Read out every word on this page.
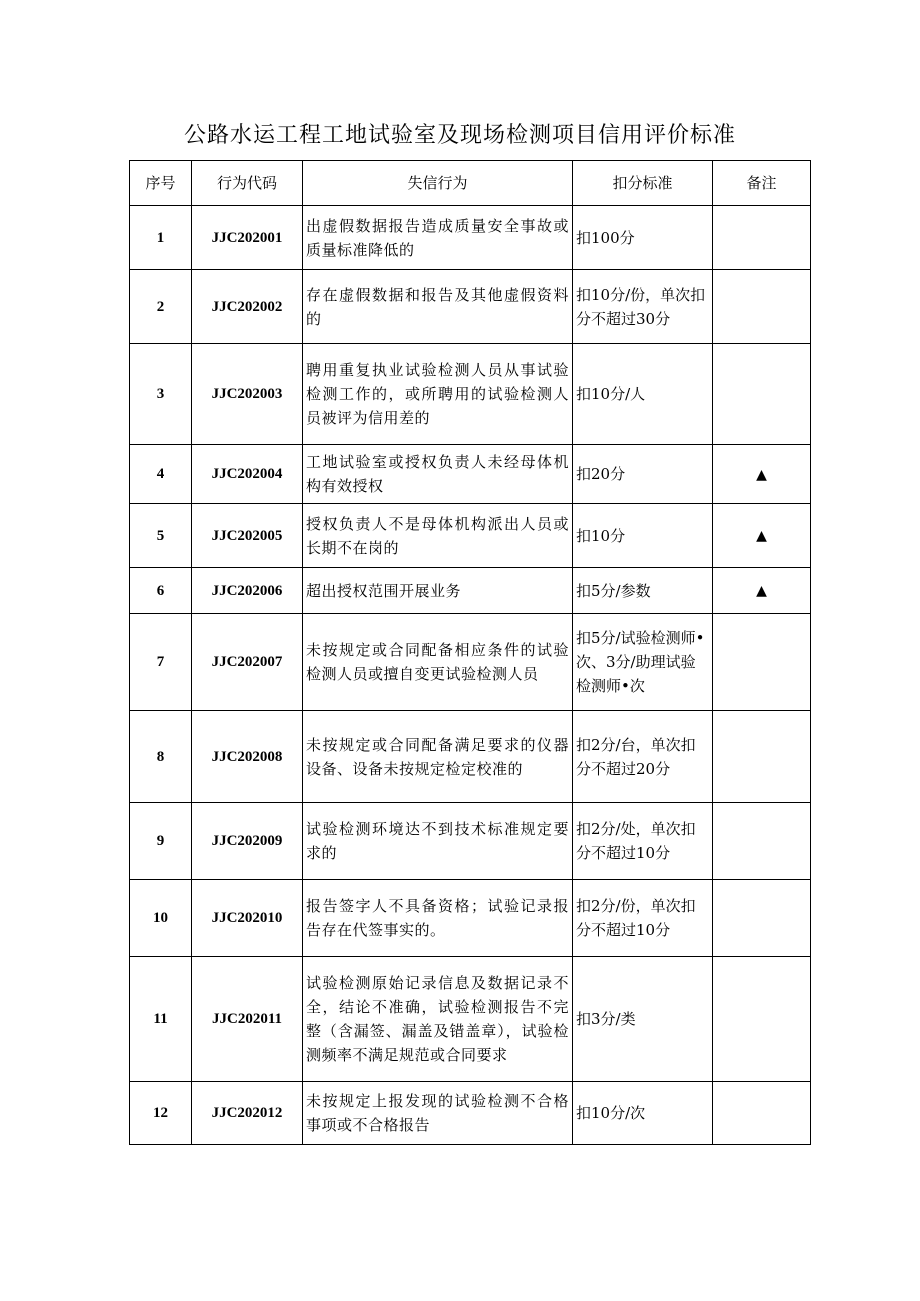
公路水运工程工地试验室及现场检测项目信用评价标准
序号	行为代码	失信行为	扣分标准	备注
1	JJC202001	出虚假数据报告造成质量安全事故或质量标准降低的	扣100分	
2	JJC202002	存在虚假数据和报告及其他虚假资料的	扣10分/份，单次扣分不超过30分	
3	JJC202003	聘用重复执业试验检测人员从事试验检测工作的，或所聘用的试验检测人员被评为信用差的	扣10分/人	
4	JJC202004	工地试验室或授权负责人未经母体机构有效授权	扣20分	▲
5	JJC202005	授权负责人不是母体机构派出人员或长期不在岗的	扣10分	▲
6	JJC202006	超出授权范围开展业务	扣5分/参数	▲
7	JJC202007	未按规定或合同配备相应条件的试验检测人员或擅自变更试验检测人员	扣5分/试验检测师•次、3分/助理试验检测师•次	
8	JJC202008	未按规定或合同配备满足要求的仪器设备、设备未按规定检定校准的	扣2分/台，单次扣分不超过20分	
9	JJC202009	试验检测环境达不到技术标准规定要求的	扣2分/处，单次扣分不超过10分	
10	JJC202010	报告签字人不具备资格；试验记录报告存在代签事实的。	扣2分/份，单次扣分不超过10分	
11	JJC202011	试验检测原始记录信息及数据记录不全，结论不准确，试验检测报告不完整（含漏签、漏盖及错盖章），试验检测频率不满足规范或合同要求	扣3分/类	
12	JJC202012	未按规定上报发现的试验检测不合格事项或不合格报告	扣10分/次	
